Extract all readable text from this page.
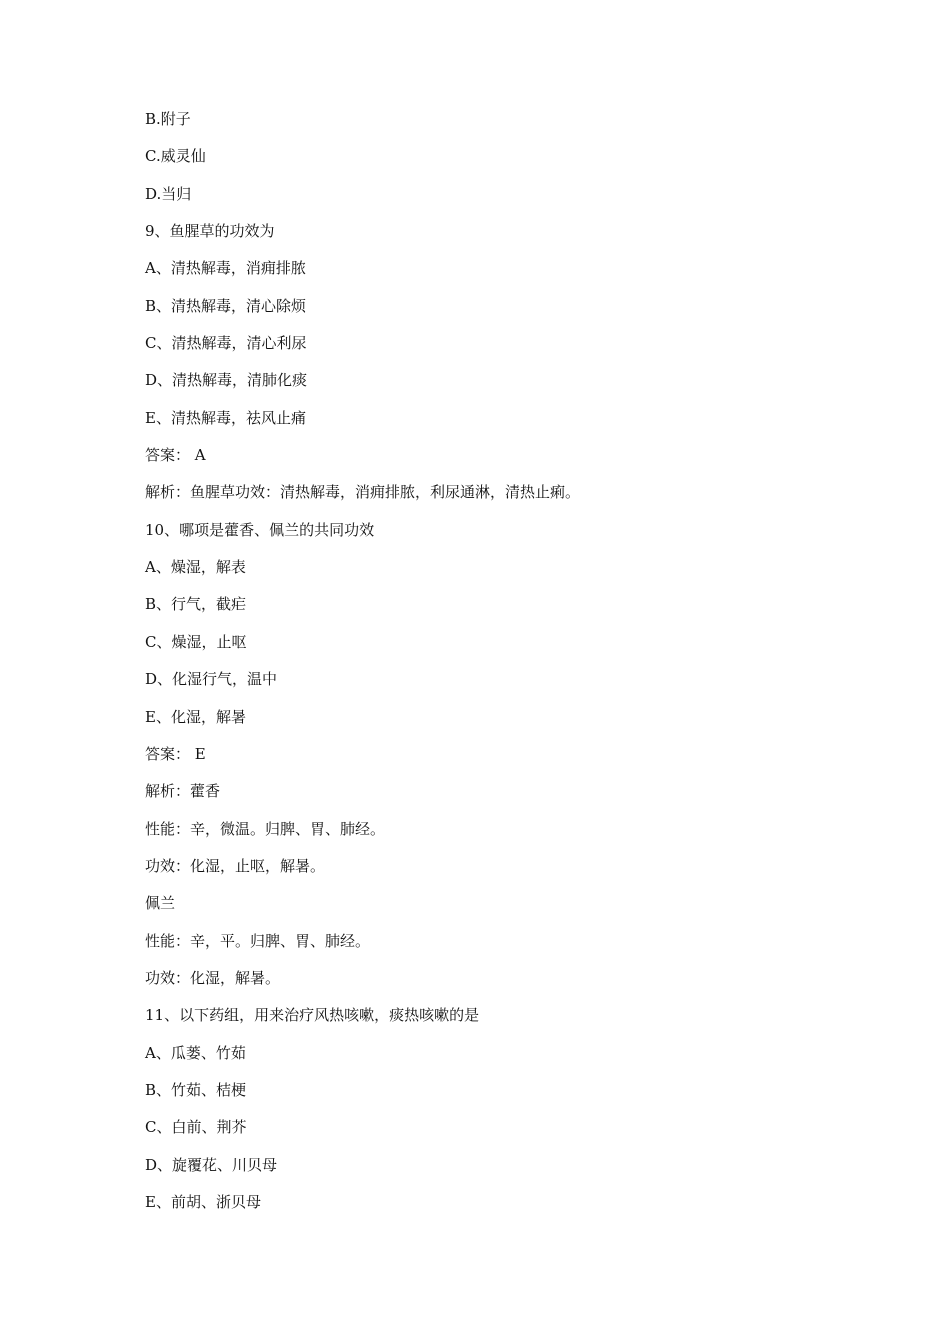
B.附子
C.威灵仙
D.当归
9、鱼腥草的功效为
A、清热解毒，消痈排脓
B、清热解毒，清心除烦
C、清热解毒，清心利尿
D、清热解毒，清肺化痰
E、清热解毒，祛风止痛
答案： A
解析：鱼腥草功效：清热解毒，消痈排脓，利尿通淋，清热止痢。
10、哪项是藿香、佩兰的共同功效
A、燥湿，解表
B、行气，截疟
C、燥湿，止呕
D、化湿行气，温中
E、化湿，解暑
答案： E
解析：藿香
性能：辛，微温。归脾、胃、肺经。
功效：化湿，止呕，解暑。
佩兰
性能：辛，平。归脾、胃、肺经。
功效：化湿，解暑。
11、以下药组，用来治疗风热咳嗽，痰热咳嗽的是
A、瓜蒌、竹茹
B、竹茹、桔梗
C、白前、荆芥
D、旋覆花、川贝母
E、前胡、浙贝母
